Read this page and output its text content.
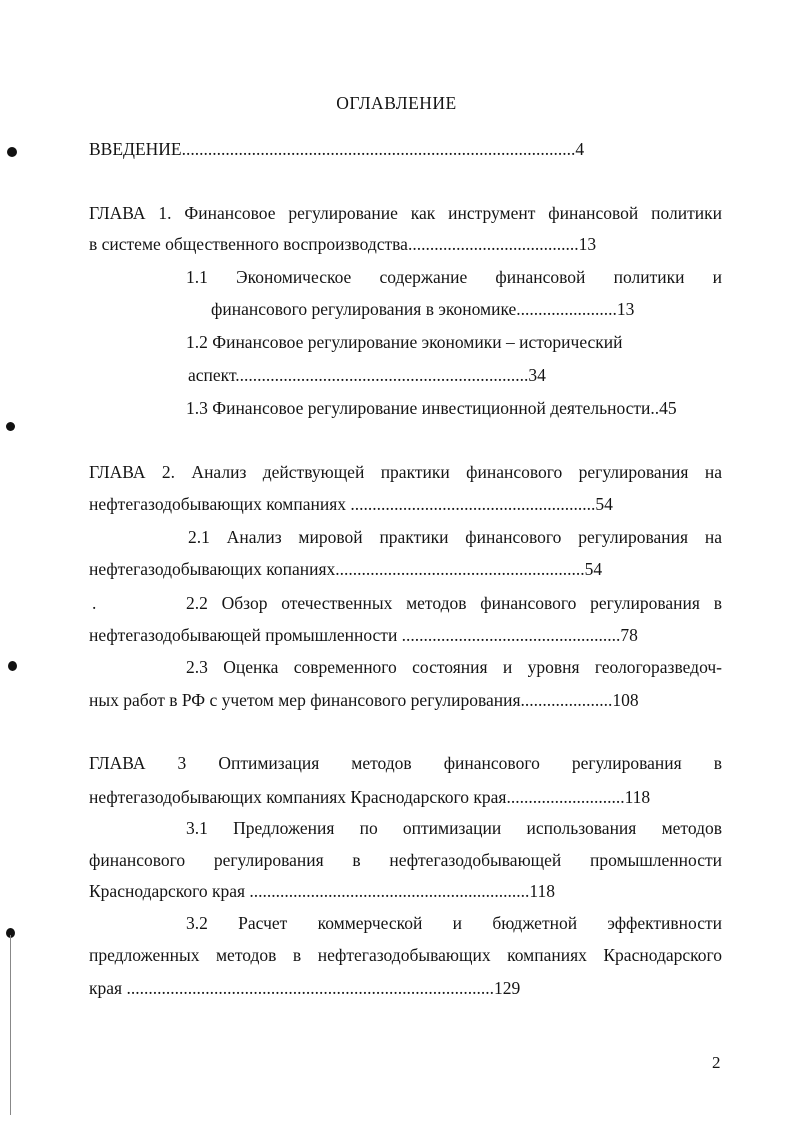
ОГЛАВЛЕНИЕ
ВВЕДЕНИЕ..........................................................................................4
ГЛАВА 1. Финансовое регулирование как инструмент финансовой политики
в системе общественного воспроизводства.......................................13
1.1 Экономическое содержание финансовой политики и
финансового регулирования в экономике.......................13
1.2 Финансовое регулирование экономики – исторический
аспект...................................................................34
1.3 Финансовое регулирование инвестиционной деятельности..45
ГЛАВА 2. Анализ действующей практики финансового регулирования на
нефтегазодобывающих компаниях ........................................................54
2.1 Анализ мировой практики финансового регулирования на
нефтегазодобывающих копаниях.........................................................54
.	2.2 Обзор отечественных методов финансового регулирования в
нефтегазодобывающей промышленности ..................................................78
2.3 Оценка современного состояния и уровня геологоразведоч-
ных работ в РФ с учетом мер финансового регулирования.....................108
ГЛАВА 3 Оптимизация методов финансового регулирования в
нефтегазодобывающих компаниях Краснодарского края...........................118
3.1 Предложения по оптимизации использования методов
финансового регулирования в нефтегазодобывающей промышленности
Краснодарского края ................................................................118
3.2 Расчет коммерческой и бюджетной эффективности
предложенных методов в нефтегазодобывающих компаниях Краснодарского
края ....................................................................................129
2
